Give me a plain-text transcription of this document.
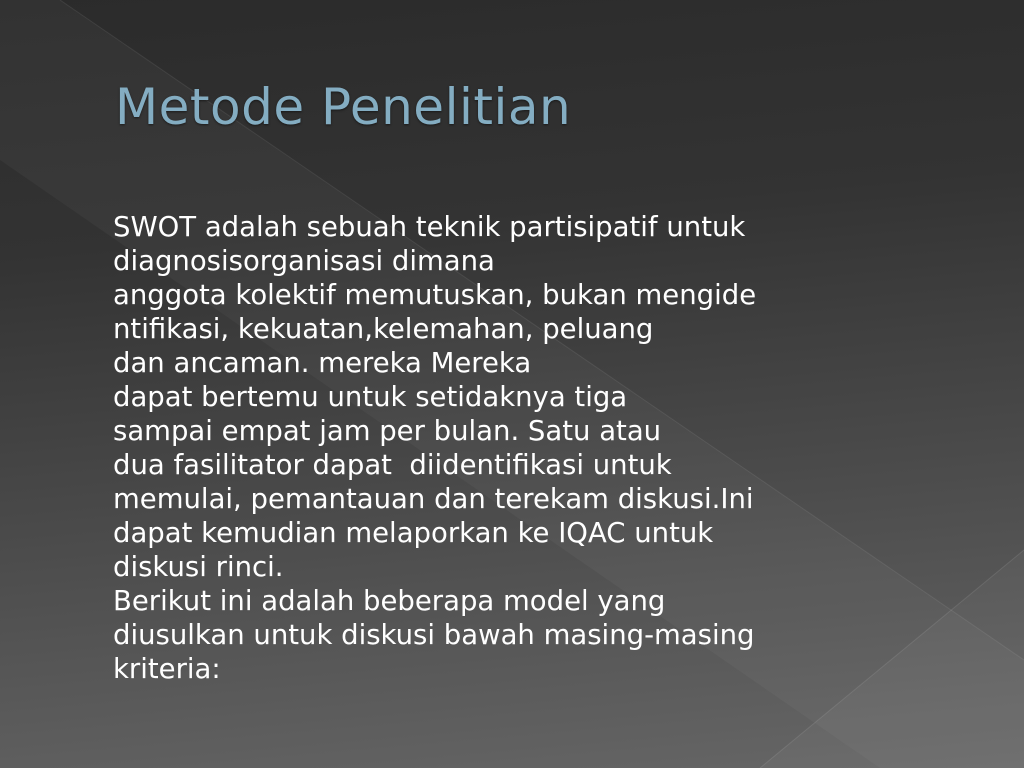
Metode Penelitian
SWOT adalah sebuah teknik partisipatif untuk
diagnosisorganisasi dimana
anggota kolektif memutuskan, bukan mengide
ntifikasi, kekuatan,kelemahan, peluang
dan ancaman. mereka Mereka
dapat bertemu untuk setidaknya tiga
sampai empat jam per bulan. Satu atau
dua fasilitator dapat  diidentifikasi untuk
memulai, pemantauan dan terekam diskusi.Ini
dapat kemudian melaporkan ke IQAC untuk
diskusi rinci.
Berikut ini adalah beberapa model yang
diusulkan untuk diskusi bawah masing-masing
kriteria:
